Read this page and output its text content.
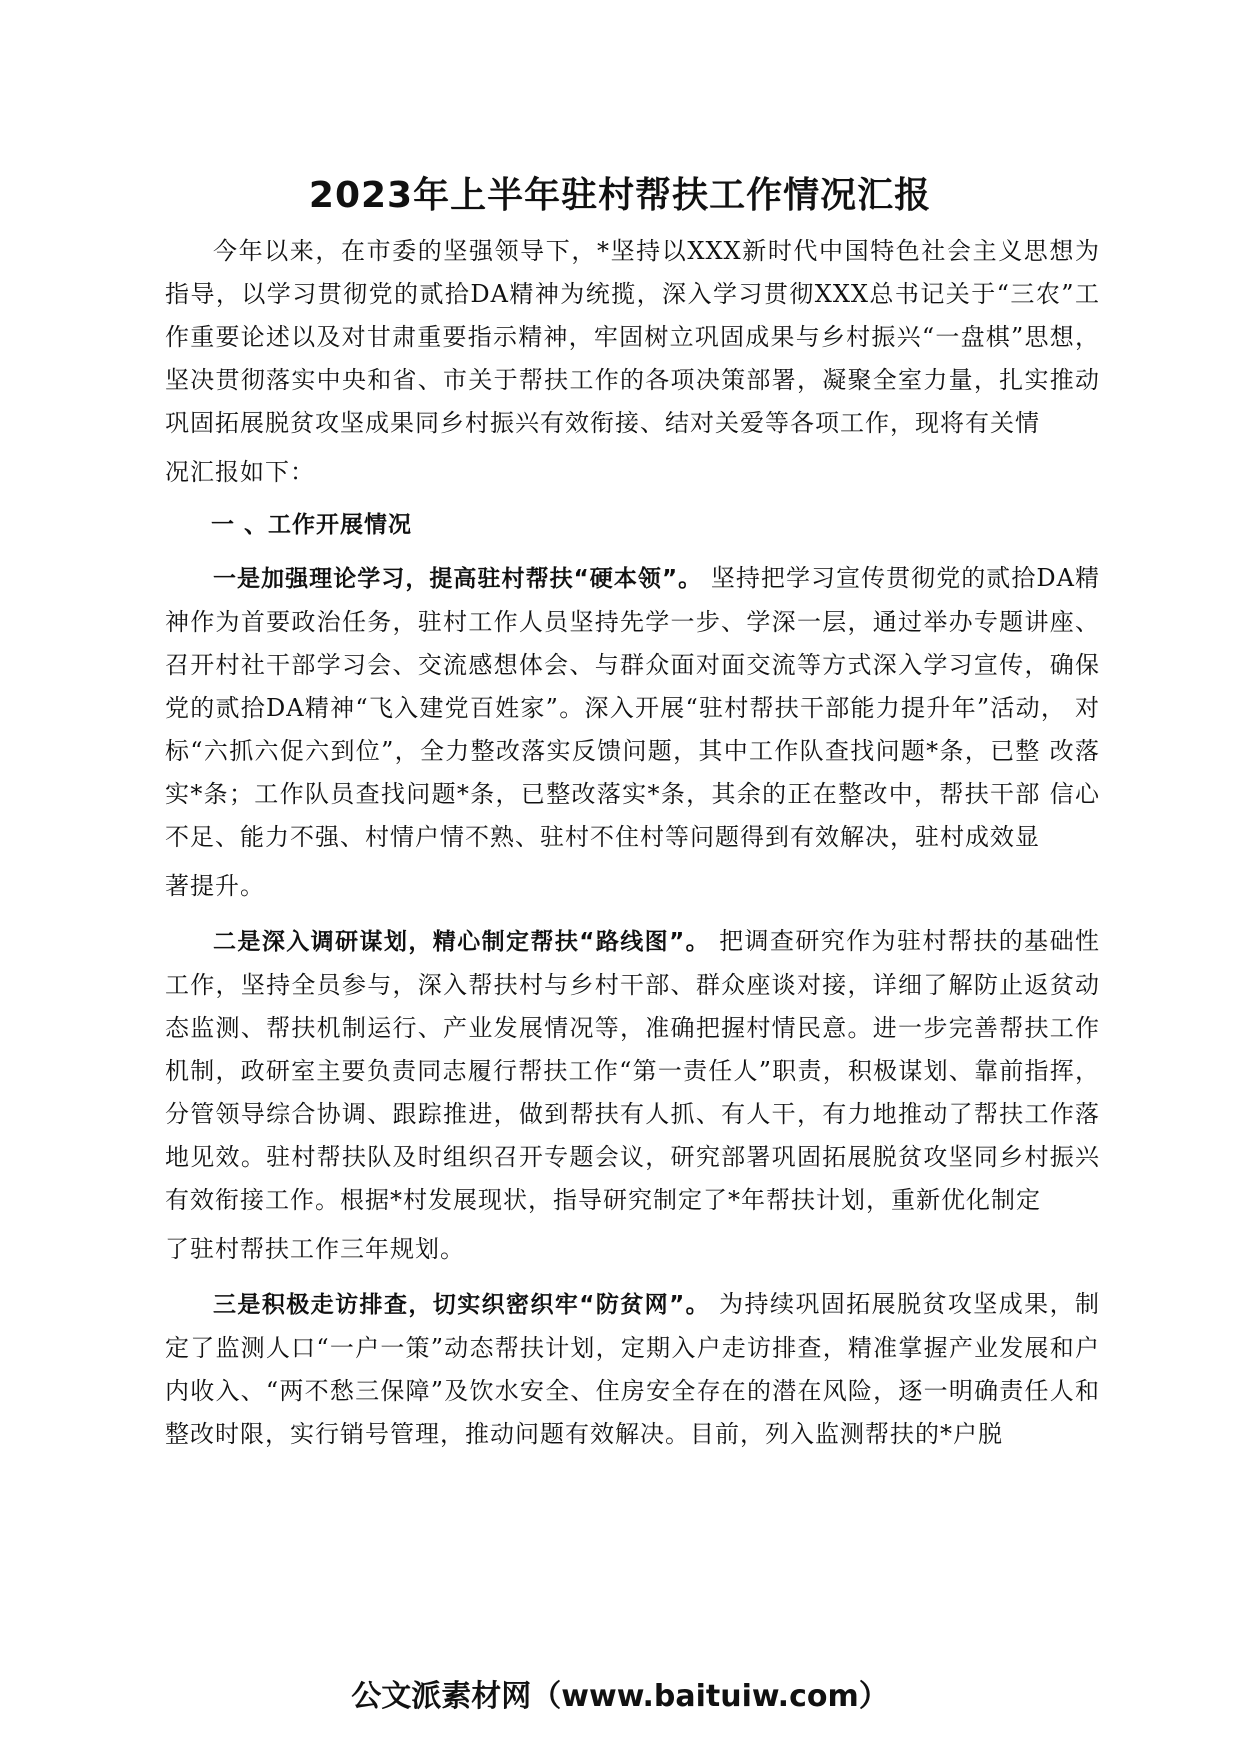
2023年上半年驻村帮扶工作情况汇报

今年以来，在市委的坚强领导下，*坚持以XXX新时代中国特色社会主义思想为指导，以学习贯彻党的贰拾DA精神为统揽，深入学习贯彻XXX总书记关于“三农”工作重要论述以及对甘肃重要指示精神，牢固树立巩固成果与乡村振兴“一盘棋”思想，坚决贯彻落实中央和省、市关于帮扶工作的各项决策部署，凝聚全室力量，扎实推动巩固拓展脱贫攻坚成果同乡村振兴有效衔接、结对关爱等各项工作，现将有关情

况汇报如下：

一 、工作开展情况

一是加强理论学习，提高驻村帮扶“硬本领”。 坚持把学习宣传贯彻党的贰拾DA精神作为首要政治任务，驻村工作人员坚持先学一步、学深一层，通过举办专题讲座、 召开村社干部学习会、交流感想体会、与群众面对面交流等方式深入学习宣传，确保 党的贰拾DA精神“飞入建党百姓家”。深入开展“驻村帮扶干部能力提升年”活动， 对标“六抓六促六到位”，全力整改落实反馈问题，其中工作队查找问题*条，已整 改落实*条；工作队员查找问题*条，已整改落实*条，其余的正在整改中，帮扶干部 信心不足、能力不强、村情户情不熟、驻村不住村等问题得到有效解决，驻村成效显

著提升。

二是深入调研谋划，精心制定帮扶“路线图”。 把调查研究作为驻村帮扶的基础性工作，坚持全员参与，深入帮扶村与乡村干部、群众座谈对接，详细了解防止返贫动态监测、帮扶机制运行、产业发展情况等，准确把握村情民意。进一步完善帮扶工作机制，政研室主要负责同志履行帮扶工作“第一责任人”职责，积极谋划、靠前指挥，分管领导综合协调、跟踪推进，做到帮扶有人抓、有人干，有力地推动了帮扶工作落地见效。驻村帮扶队及时组织召开专题会议，研究部署巩固拓展脱贫攻坚同乡村振兴有效衔接工作。根据*村发展现状，指导研究制定了*年帮扶计划，重新优化制定

了驻村帮扶工作三年规划。

三是积极走访排查，切实织密织牢“防贫网”。 为持续巩固拓展脱贫攻坚成果，制定了监测人口“一户一策”动态帮扶计划，定期入户走访排查，精准掌握产业发展和户内收入、“两不愁三保障”及饮水安全、住房安全存在的潜在风险，逐一明确责任人和整改时限，实行销号管理，推动问题有效解决。目前，列入监测帮扶的*户脱

公文派素材网（www.baituiw.com）
